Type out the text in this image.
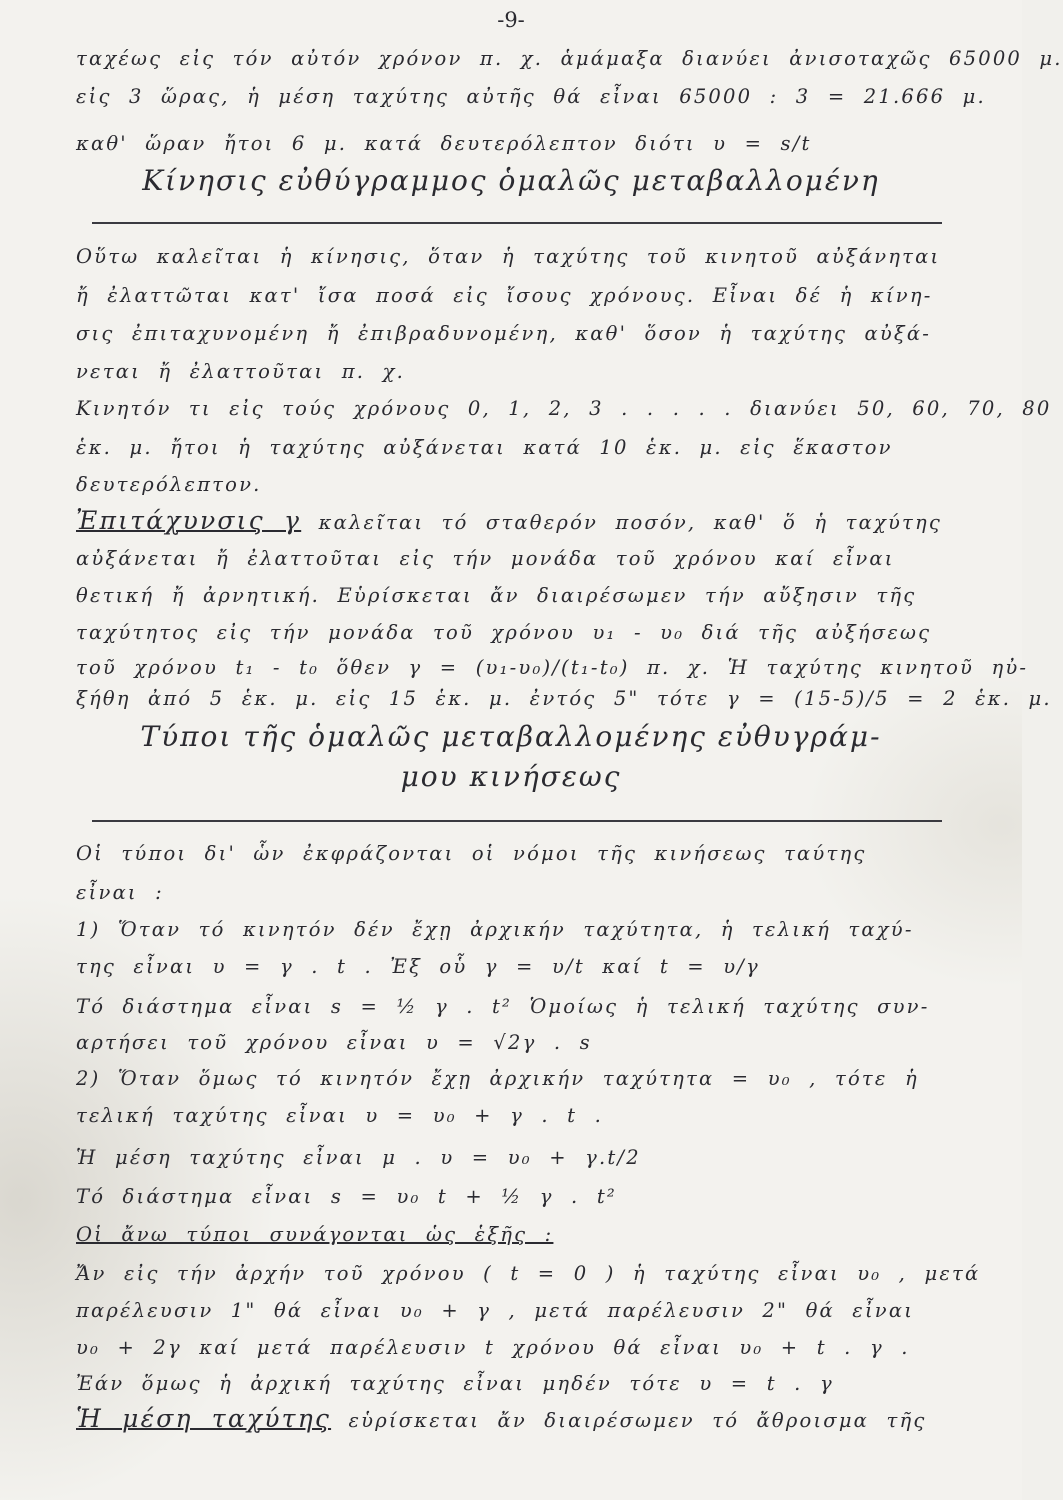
-9-
ταχέως εἰς τόν αὐτόν χρόνον π. χ. ἁμάμαξα διανύει ἀνισοταχῶς 65000 μ.
εἰς 3 ὥρας, ἡ μέση ταχύτης αὐτῆς θά εἶναι 65000 : 3 = 21.666 μ.
καθ' ὥραν ἤτοι 6 μ. κατά δευτερόλεπτον διότι υ = s/t
Κίνησις εὐθύγραμμος ὁμαλῶς μεταβαλλομένη
Οὕτω καλεῖται ἡ κίνησις, ὅταν ἡ ταχύτης τοῦ κινητοῦ αὐξάνηται
ἤ ἐλαττῶται κατ' ἴσα ποσά εἰς ἴσους χρόνους. Εἶναι δέ ἡ κίνη-
σις ἐπιταχυνομένη ἤ ἐπιβραδυνομένη, καθ' ὅσον ἡ ταχύτης αὐξά-
νεται ἤ ἐλαττοῦται π. χ.
Κινητόν τι εἰς τούς χρόνους 0, 1, 2, 3 . . . . . διανύει 50, 60, 70, 80
ἑκ. μ. ἤτοι ἡ ταχύτης αὐξάνεται κατά 10 ἑκ. μ. εἰς ἕκαστον
δευτερόλεπτον.
Ἐπιτάχυνσις γ καλεῖται τό σταθερόν ποσόν, καθ' ὅ ἡ ταχύτης
αὐξάνεται ἤ ἐλαττοῦται εἰς τήν μονάδα τοῦ χρόνου καί εἶναι
θετική ἤ ἀρνητική. Εὑρίσκεται ἄν διαιρέσωμεν τήν αὔξησιν τῆς
ταχύτητος εἰς τήν μονάδα τοῦ χρόνου υ₁ - υ₀ διά τῆς αὐξήσεως
τοῦ χρόνου t₁ - t₀ ὅθεν γ = (υ₁-υ₀)/(t₁-t₀) π. χ. Ἡ ταχύτης κινητοῦ ηὐ-
ξήθη ἀπό 5 ἑκ. μ. εἰς 15 ἑκ. μ. ἐντός 5" τότε γ = (15-5)/5 = 2 ἑκ. μ.
Τύποι τῆς ὁμαλῶς μεταβαλλομένης εὐθυγράμ-
μου κινήσεως
Οἱ τύποι δι' ὧν ἐκφράζονται οἱ νόμοι τῆς κινήσεως ταύτης
εἶναι :
1) Ὅταν τό κινητόν δέν ἔχῃ ἀρχικήν ταχύτητα, ἡ τελική ταχύ-
της εἶναι υ = γ . t . Ἐξ οὗ γ = υ/t καί t = υ/γ
Τό διάστημα εἶναι s = ½ γ . t² Ὁμοίως ἡ τελική ταχύτης συν-
αρτήσει τοῦ χρόνου εἶναι υ = √2γ . s
2) Ὅταν ὅμως τό κινητόν ἔχῃ ἀρχικήν ταχύτητα = υ₀ , τότε ἡ
τελική ταχύτης εἶναι υ = υ₀ + γ . t .
Ἡ μέση ταχύτης εἶναι μ . υ = υ₀ + γ.t/2
Τό διάστημα εἶναι s = υ₀ t + ½ γ . t²
Οἱ ἄνω τύποι συνάγονται ὡς ἑξῆς :
Ἄν εἰς τήν ἀρχήν τοῦ χρόνου ( t = 0 ) ἡ ταχύτης εἶναι υ₀ , μετά
παρέλευσιν 1" θά εἶναι υ₀ + γ , μετά παρέλευσιν 2" θά εἶναι
υ₀ + 2γ καί μετά παρέλευσιν t χρόνου θά εἶναι υ₀ + t . γ .
Ἐάν ὅμως ἡ ἀρχική ταχύτης εἶναι μηδέν τότε υ = t . γ
Ἡ μέση ταχύτης εὑρίσκεται ἄν διαιρέσωμεν τό ἄθροισμα τῆς
